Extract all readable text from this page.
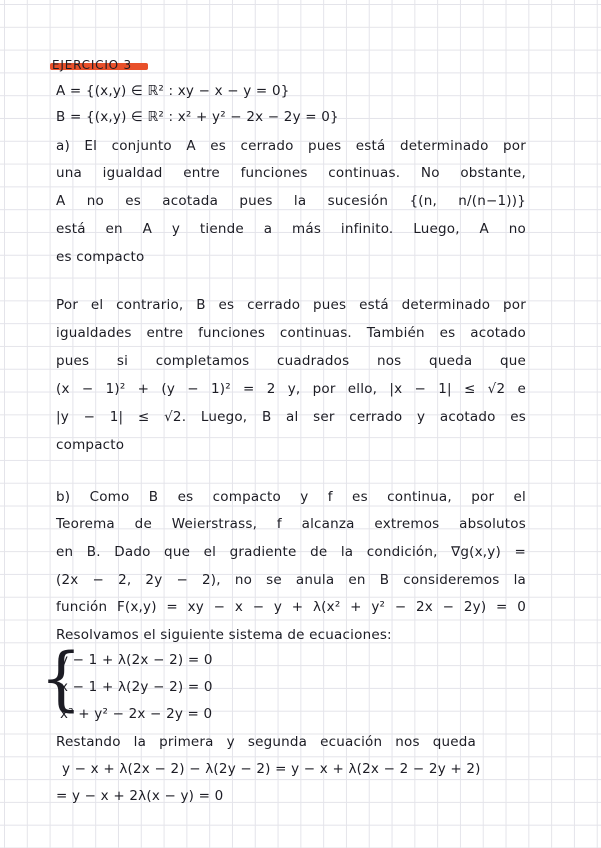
EJERCICIO 3
A = {(x,y) ∈ ℝ² : xy − x − y = 0}
B = {(x,y) ∈ ℝ² : x² + y² − 2x − 2y = 0}
a) El conjunto A es cerrado pues está determinado por
una igualdad entre funciones continuas. No obstante,
A no es acotada pues la sucesión {(n, n/(n−1))}
está en A y tiende a más infinito. Luego, A no
es compacto
Por el contrario, B es cerrado pues está determinado por
igualdades entre funciones continuas. También es acotado
pues si completamos cuadrados nos queda que
(x − 1)² + (y − 1)² = 2 y, por ello, |x − 1| ≤ √2 e
|y − 1| ≤ √2. Luego, B al ser cerrado y acotado es
compacto
b) Como B es compacto y f es continua, por el
Teorema de Weierstrass, f alcanza extremos absolutos
en B. Dado que el gradiente de la condición, ∇g(x,y) =
(2x − 2, 2y − 2), no se anula en B consideremos la
función F(x,y) = xy − x − y + λ(x² + y² − 2x − 2y) = 0
Resolvamos el siguiente sistema de ecuaciones:
{
y − 1 + λ(2x − 2) = 0
x − 1 + λ(2y − 2) = 0
x² + y² − 2x − 2y = 0
Restando la primera y segunda ecuación nos queda
y − x + λ(2x − 2) − λ(2y − 2) = y − x + λ(2x − 2 − 2y + 2)
= y − x + 2λ(x − y) = 0
